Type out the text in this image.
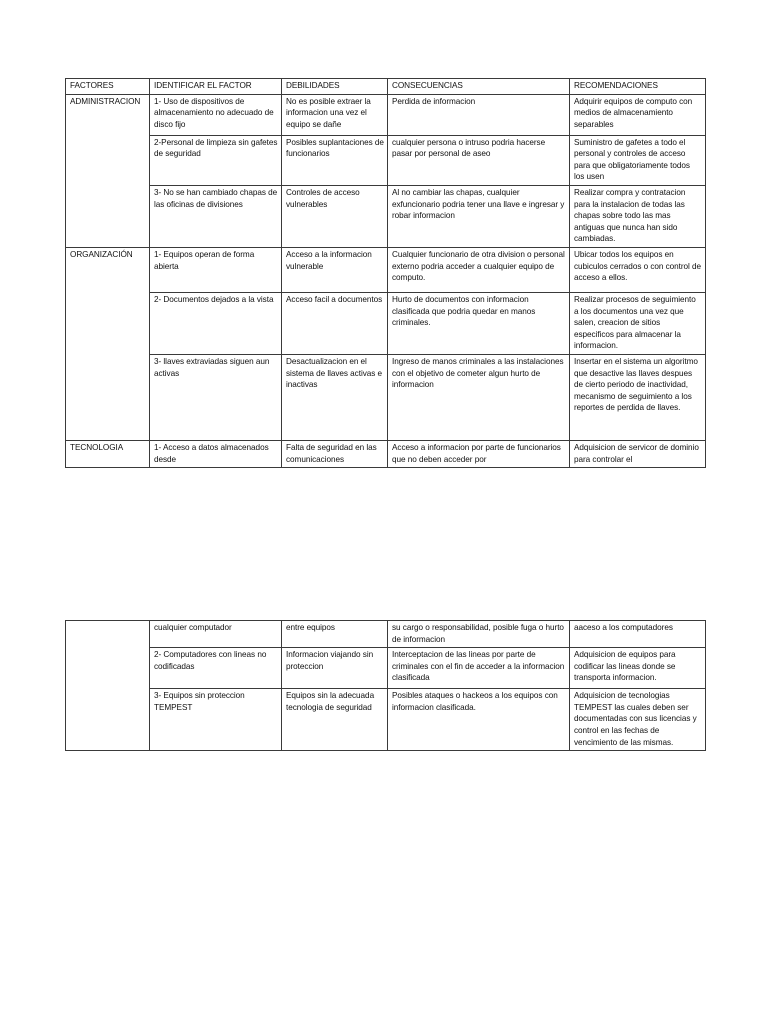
FACTORES	IDENTIFICAR EL FACTOR	DEBILIDADES	CONSECUENCIAS	RECOMENDACIONES
ADMINISTRACION	1- Uso de dispositivos de almacenamiento no adecuado de disco fijo	No es posible extraer la informacion una vez el equipo se dañe	Perdida de informacion	Adquirir equipos de computo con medios de almacenamiento separables
	2-Personal de limpieza sin gafetes de seguridad	Posibles suplantaciones de funcionarios	cualquier persona o intruso podria hacerse pasar por personal de aseo	Suministro de gafetes a todo el personal y controles de acceso para que obligatoriamente todos los usen
	3- No se han cambiado chapas de las oficinas de divisiones	Controles de acceso vulnerables	Al no cambiar las chapas, cualquier exfuncionario podria tener una llave e ingresar y robar informacion	Realizar compra y contratacion para la instalacion de todas las chapas sobre todo las mas antiguas que nunca han sido cambiadas.
ORGANIZACIÓN	1- Equipos operan de forma abierta	Acceso a la informacion vulnerable	Cualquier funcionario de otra division o personal externo podria acceder a cualquier equipo de computo.	Ubicar todos los equipos en cubiculos cerrados o con control de acceso a ellos.
	2- Documentos dejados a la vista	Acceso facil a documentos	Hurto de documentos con informacion clasificada que podria quedar en manos criminales.	Realizar procesos de seguimiento a los documentos una vez que salen, creacion de sitios especificos para almacenar la informacion.
	3- llaves extraviadas siguen aun activas	Desactualizacion en el sistema de llaves activas e inactivas	Ingreso de manos criminales a las instalaciones con el objetivo de cometer algun hurto de informacion	Insertar en el sistema un algoritmo que desactive las llaves despues de cierto periodo de inactividad, mecanismo de seguimiento a los reportes de perdida de llaves.
TECNOLOGIA	1- Acceso a datos almacenados desde	Falta de seguridad en las comunicaciones	Acceso a informacion por parte de funcionarios que no deben acceder por	Adquisicion de servicor de dominio para controlar el
	cualquier computador	entre equipos	su cargo o responsabilidad, posible fuga o hurto de informacion	aaceso a los computadores
	2- Computadores con lineas no codificadas	Informacion viajando sin proteccion	Interceptacion de las lineas por parte de criminales con el fin de acceder a la informacion clasificada	Adquisicion de equipos para codificar las lineas donde se transporta informacion.
	3- Equipos sin proteccion TEMPEST	Equipos sin la adecuada tecnologia de seguridad	Posibles ataques o hackeos a los equipos con informacion clasificada.	Adquisicion de tecnologias TEMPEST las cuales deben ser documentadas con sus licencias y control en las fechas de vencimiento de las mismas.
